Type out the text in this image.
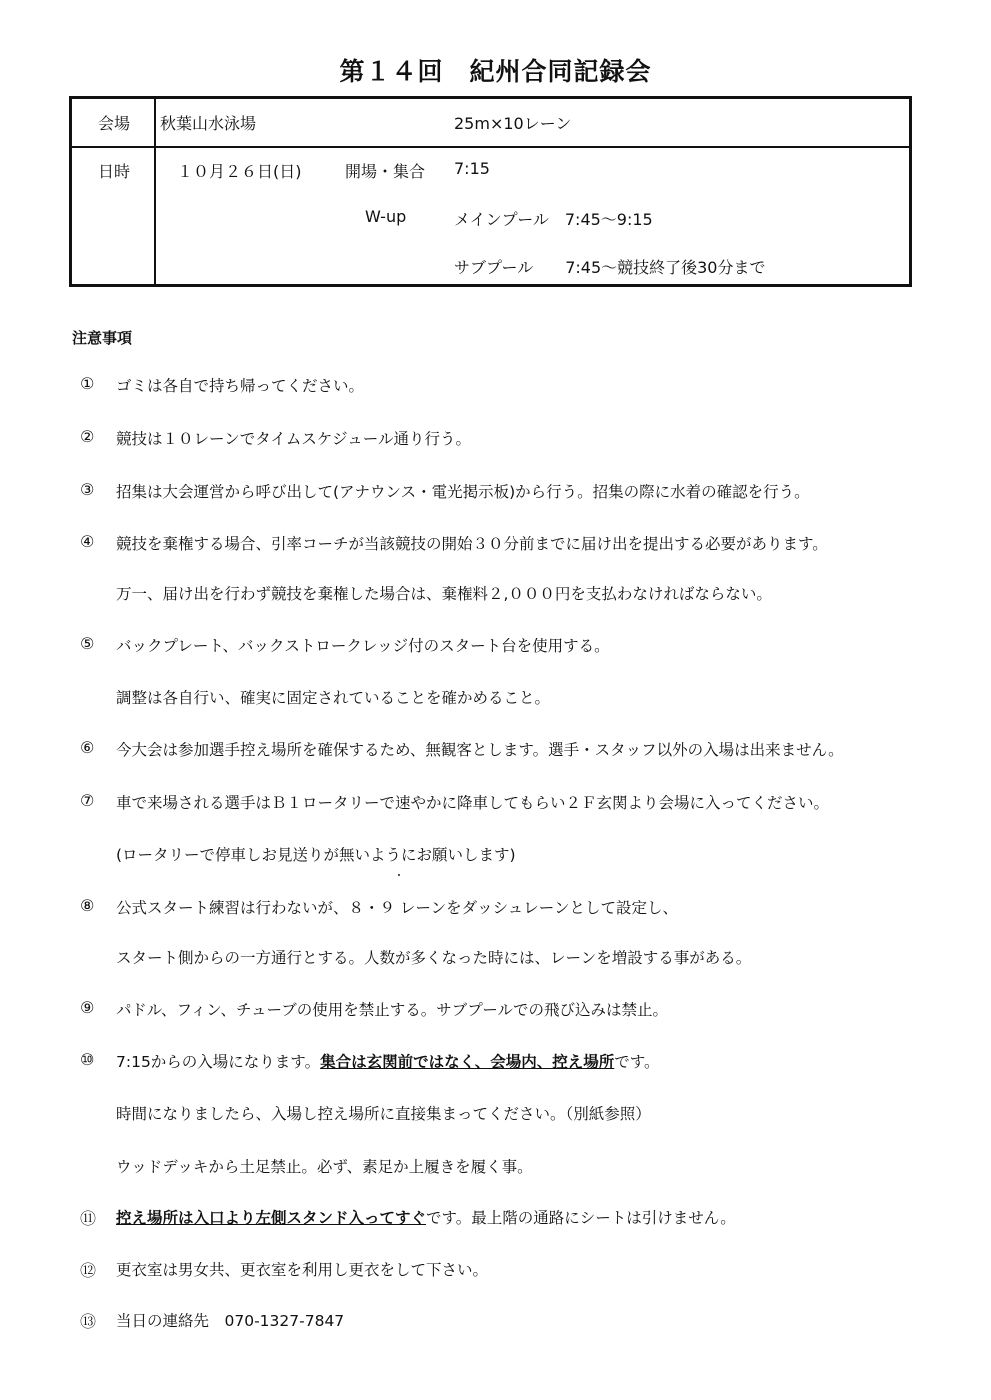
第１４回　紀州合同記録会
会場 秋葉山水泳場	25m×10レーン
日時	１０月２６日(日)	開場・集合 7:15
W-up	メインプール　7:45〜9:15
サブプール　　7:45〜競技終了後30分まで
注意事項
① ゴミは各自で持ち帰ってください。
② 競技は１０レーンでタイムスケジュール通り行う。
③ 招集は大会運営から呼び出して(アナウンス・電光掲示板)から行う。招集の際に水着の確認を行う。
④ 競技を棄権する場合、引率コーチが当該競技の開始３０分前までに届け出を提出する必要があります。
万一、届け出を行わず競技を棄権した場合は、棄権料２,０００円を支払わなければならない。
⑤ バックプレート、バックストロークレッジ付のスタート台を使用する。
調整は各自行い、確実に固定されていることを確かめること。
⑥ 今大会は参加選手控え場所を確保するため、無観客とします。選手・スタッフ以外の入場は出来ません。
⑦ 車で来場される選手はＢ１ロータリーで速やかに降車してもらい２Ｆ玄関より会場に入ってください。
(ロータリーで停車しお見送りが無いようにお願いします)
⑧ 公式スタート練習は行わないが、８・９ レーンをダッシュレーンとして設定し、
スタート側からの一方通行とする。人数が多くなった時には、レーンを増設する事がある。
⑨ パドル、フィン、チューブの使用を禁止する。サブプールでの飛び込みは禁止。
⑩ 7:15からの入場になります。集合は玄関前ではなく、会場内、控え場所です。
時間になりましたら、入場し控え場所に直接集まってください。（別紙参照）
ウッドデッキから土足禁止。必ず、素足か上履きを履く事。
⑪ 控え場所は入口より左側スタンド入ってすぐです。最上階の通路にシートは引けません。
⑫ 更衣室は男女共、更衣室を利用し更衣をして下さい。
⑬ 当日の連絡先　070-1327-7847
